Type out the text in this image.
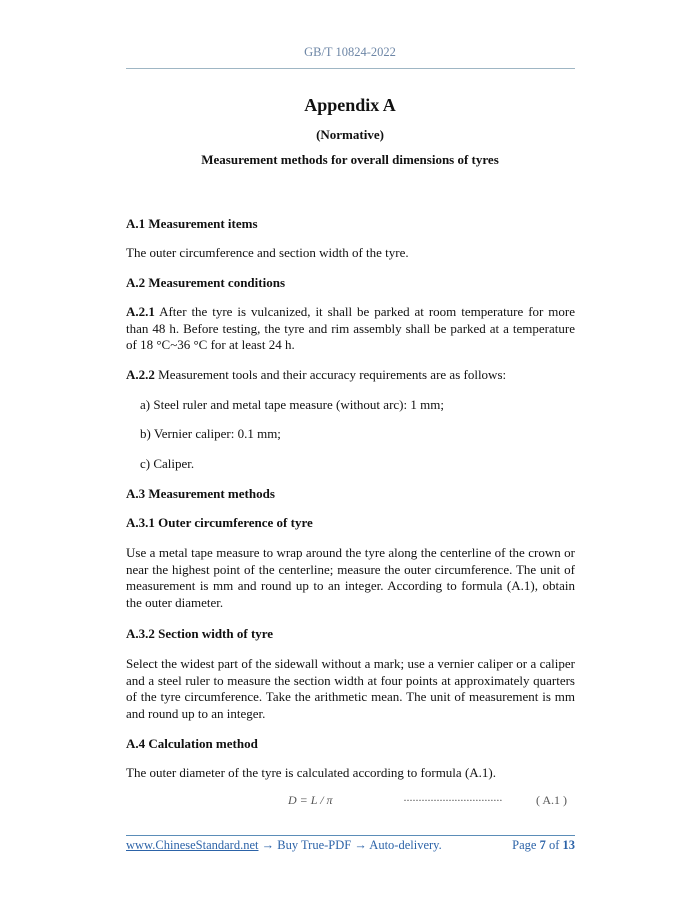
GB/T 10824-2022
Appendix A
(Normative)
Measurement methods for overall dimensions of tyres
A.1 Measurement items
The outer circumference and section width of the tyre.
A.2 Measurement conditions
A.2.1 After the tyre is vulcanized, it shall be parked at room temperature for more than 48 h. Before testing, the tyre and rim assembly shall be parked at a temperature of 18 °C~36 °C for at least 24 h.
A.2.2 Measurement tools and their accuracy requirements are as follows:
a) Steel ruler and metal tape measure (without arc): 1 mm;
b) Vernier caliper: 0.1 mm;
c) Caliper.
A.3 Measurement methods
A.3.1 Outer circumference of tyre
Use a metal tape measure to wrap around the tyre along the centerline of the crown or near the highest point of the centerline; measure the outer circumference. The unit of measurement is mm and round up to an integer. According to formula (A.1), obtain the outer diameter.
A.3.2 Section width of tyre
Select the widest part of the sidewall without a mark; use a vernier caliper or a caliper and a steel ruler to measure the section width at four points at approximately quarters of the tyre circumference. Take the arithmetic mean. The unit of measurement is mm and round up to an integer.
A.4 Calculation method
The outer diameter of the tyre is calculated according to formula (A.1).
D = L / π	·································	( A.1 )
www.ChineseStandard.net → Buy True-PDF → Auto-delivery.	Page 7 of 13
